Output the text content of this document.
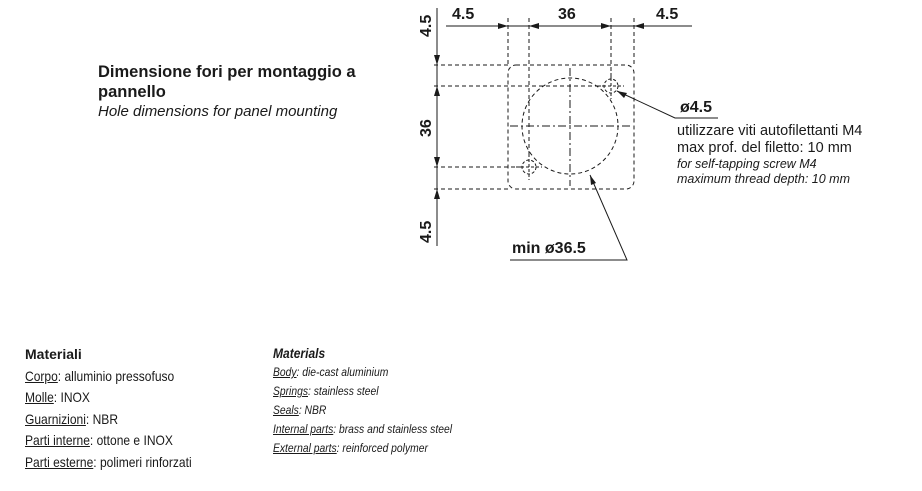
Dimensione fori per montaggio a pannello
Hole dimensions for panel mounting
4.5	36	4.5
4.5
36
4.5
ø4.5
min ø36.5
utilizzare viti autofilettanti M4
max prof. del filetto: 10 mm
for self-tapping screw M4
maximum thread depth: 10 mm
Materiali
Corpo: alluminio pressofuso
Molle: INOX
Guarnizioni: NBR
Parti interne: ottone e INOX
Parti esterne: polimeri rinforzati
Materials
Body: die-cast aluminium
Springs: stainless steel
Seals: NBR
Internal parts: brass and stainless steel
External parts: reinforced polymer
